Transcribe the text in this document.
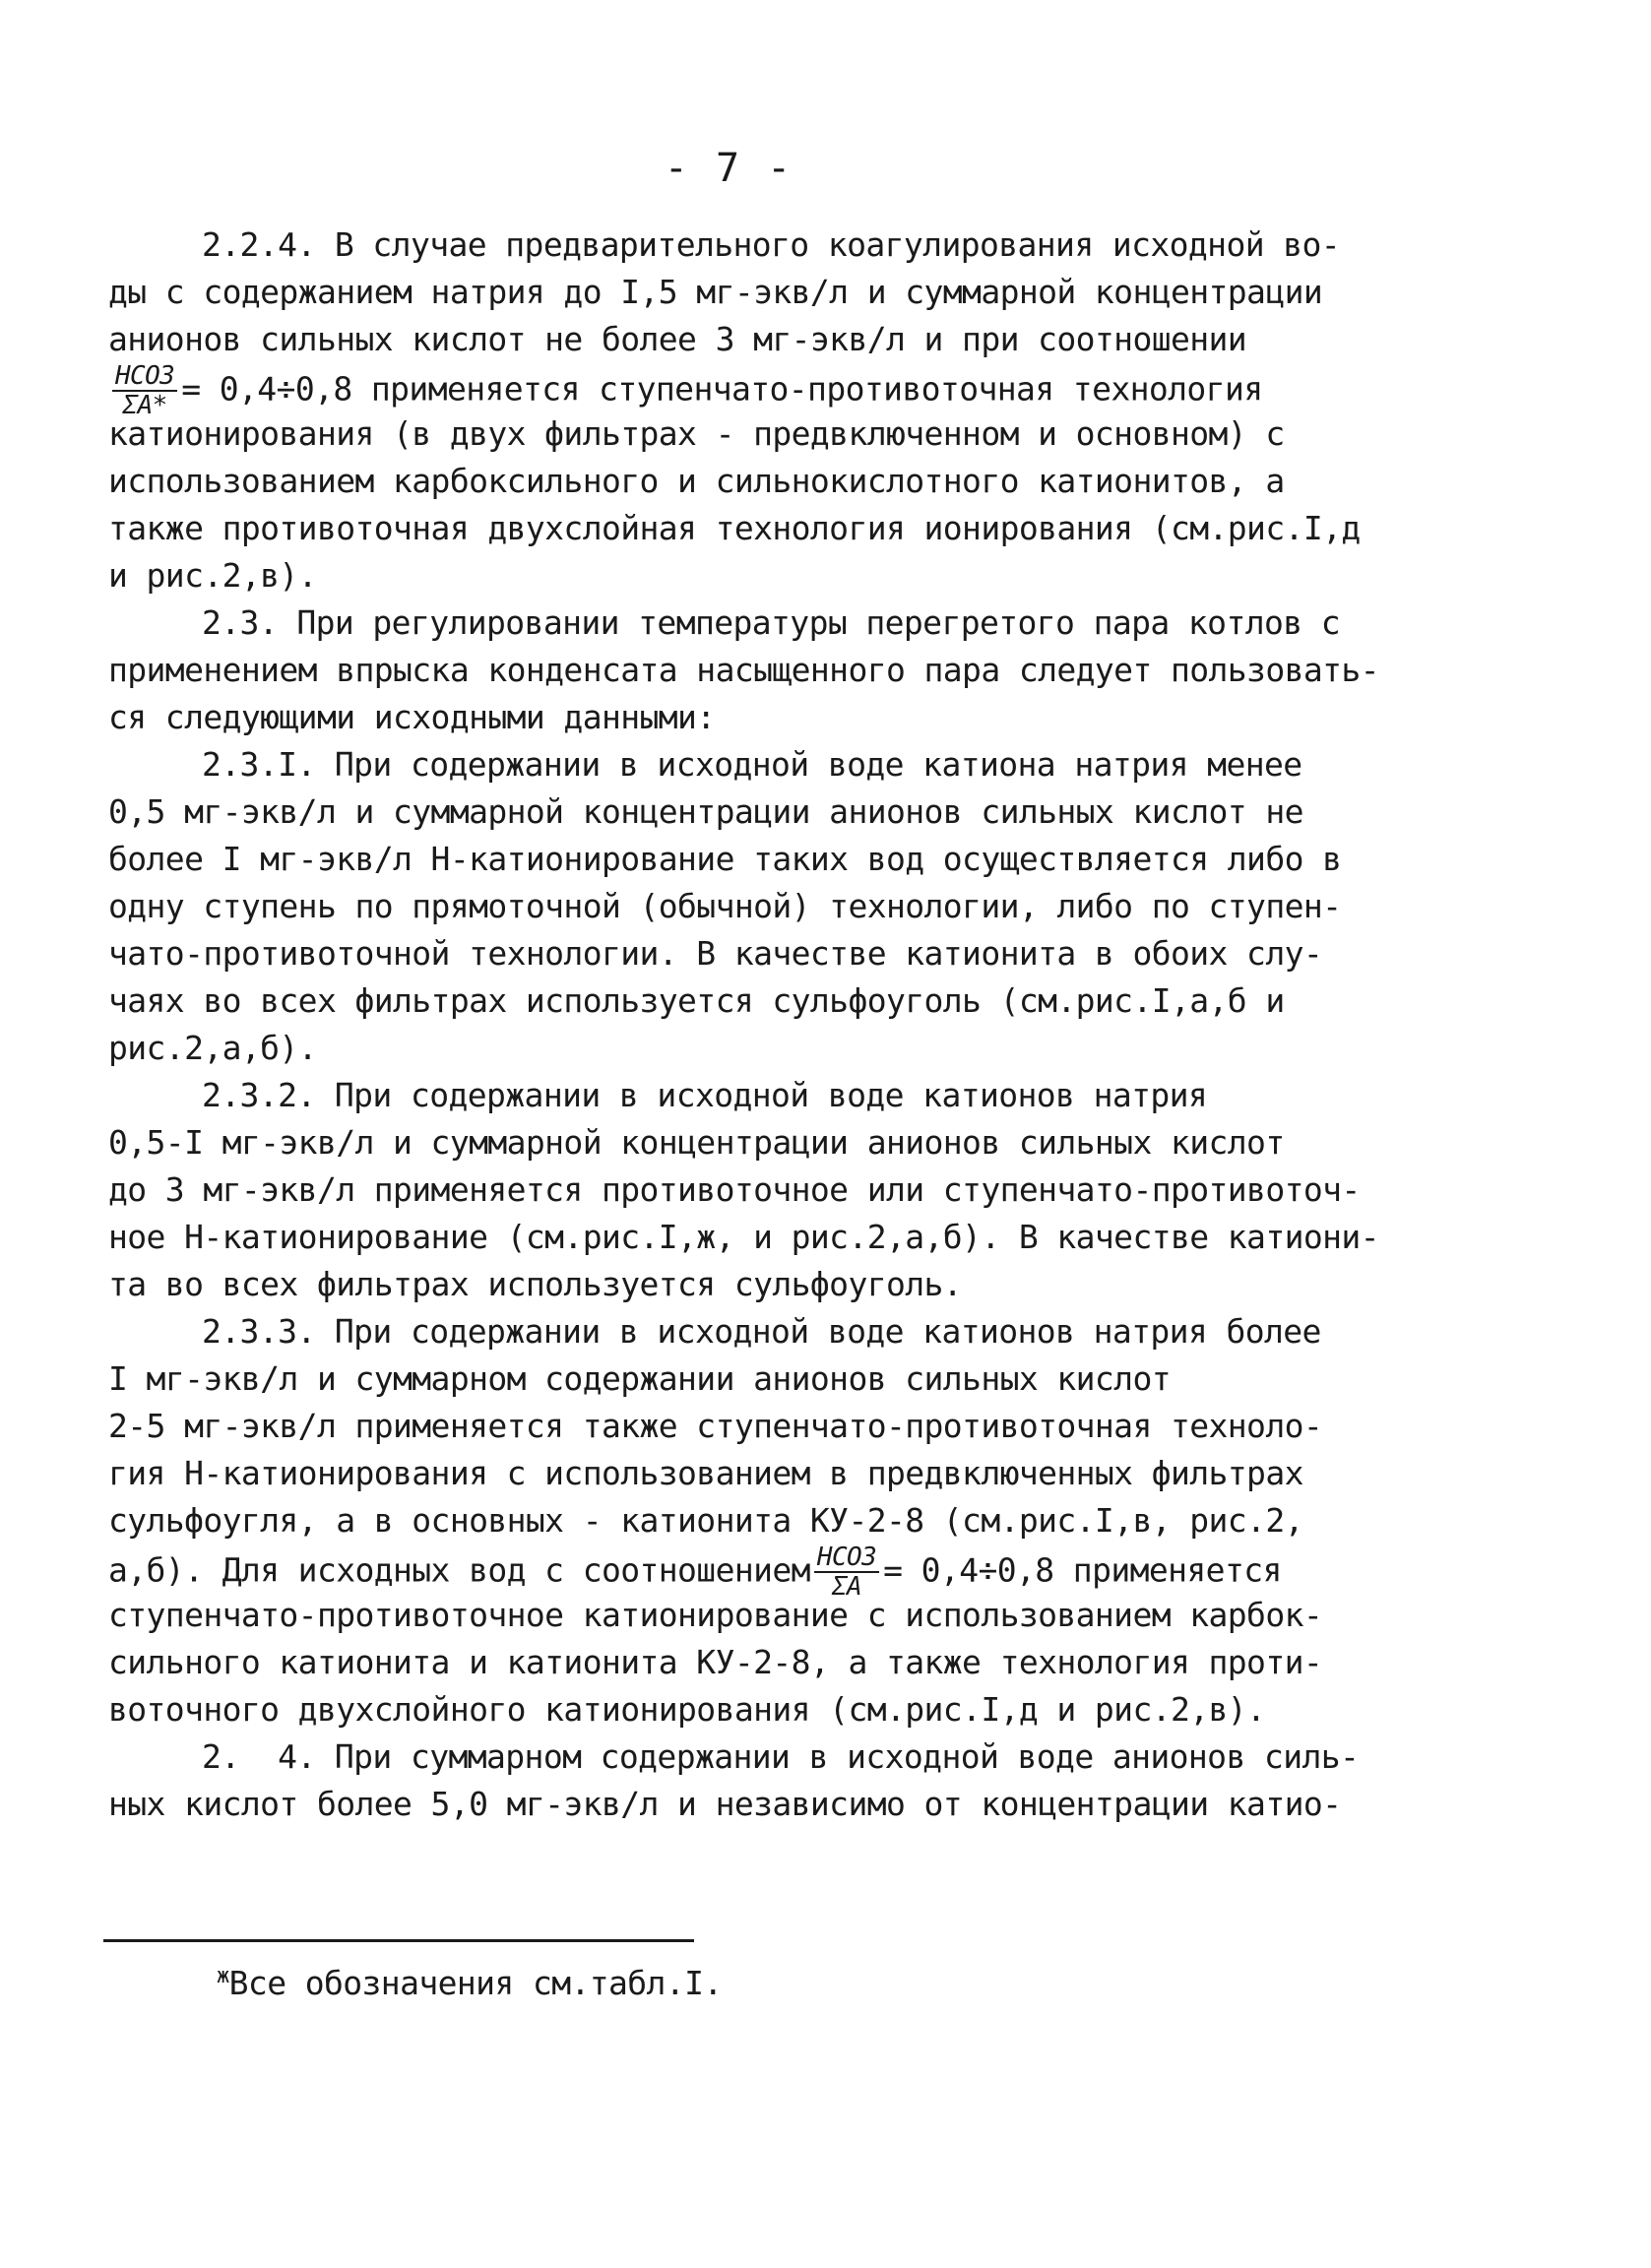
- 7 -
2.2.4. В случае предварительного коагулирования исходной во-
ды с содержанием натрия до I,5 мг-экв/л и суммарной концентрации
анионов сильных кислот не более 3 мг-экв/л и при соотношении
$\frac{\text{HCO3}}{\Sigma A*} = 0,4\div 0,8$ применяется ступенчато-противоточная технология
катионирования (в двух фильтрах - предвключенном и основном) с
использованием карбоксильного и сильнокислотного катионитов, а
также противоточная двухслойная технология ионирования (см.рис.I,д
и рис.2,в).
2.3. При регулировании температуры перегретого пара котлов с
применением впрыска конденсата насыщенного пара следует пользовать-
ся следующими исходными данными:
2.3.I. При содержании в исходной воде катиона натрия менее
0,5 мг-экв/л и суммарной концентрации анионов сильных кислот не
более I мг-экв/л Н-катионирование таких вод осуществляется либо в
одну ступень по прямоточной (обычной) технологии, либо по ступен-
чато-противоточной технологии. В качестве катионита в обоих слу-
чаях во всех фильтрах используется сульфоуголь (см.рис.I,а,б и
рис.2,а,б).
2.3.2. При содержании в исходной воде катионов натрия
0,5-I мг-экв/л и суммарной концентрации анионов сильных кислот
до 3 мг-экв/л применяется противоточное или ступенчато-противоточ-
ное Н-катионирование (см.рис.I,ж, и рис.2,а,б). В качестве катиони-
та во всех фильтрах используется сульфоуголь.
2.3.3. При содержании в исходной воде катионов натрия более
I мг-экв/л и суммарном содержании анионов сильных кислот
2-5 мг-экв/л применяется также ступенчато-противоточная техноло-
гия Н-катионирования с использованием в предвключенных фильтрах
сульфоугля, а в основных - катионита КУ-2-8 (см.рис.I,в, рис.2,
а,б). Для исходных вод с соотношением $\frac{\text{HCO3}}{\Sigma A} = 0,4\div 0,8$ применяется
ступенчато-противоточное катионирование с использованием карбок-
сильного катионита и катионита КУ-2-8, а также технология проти-
воточного двухслойного катионирования (см.рис.I,д и рис.2,в).
2.  4. При суммарном содержании в исходной воде анионов силь-
ных кислот более 5,0 мг-экв/л и независимо от концентрации катио-
$^ж$Все обозначения см.табл.I.
